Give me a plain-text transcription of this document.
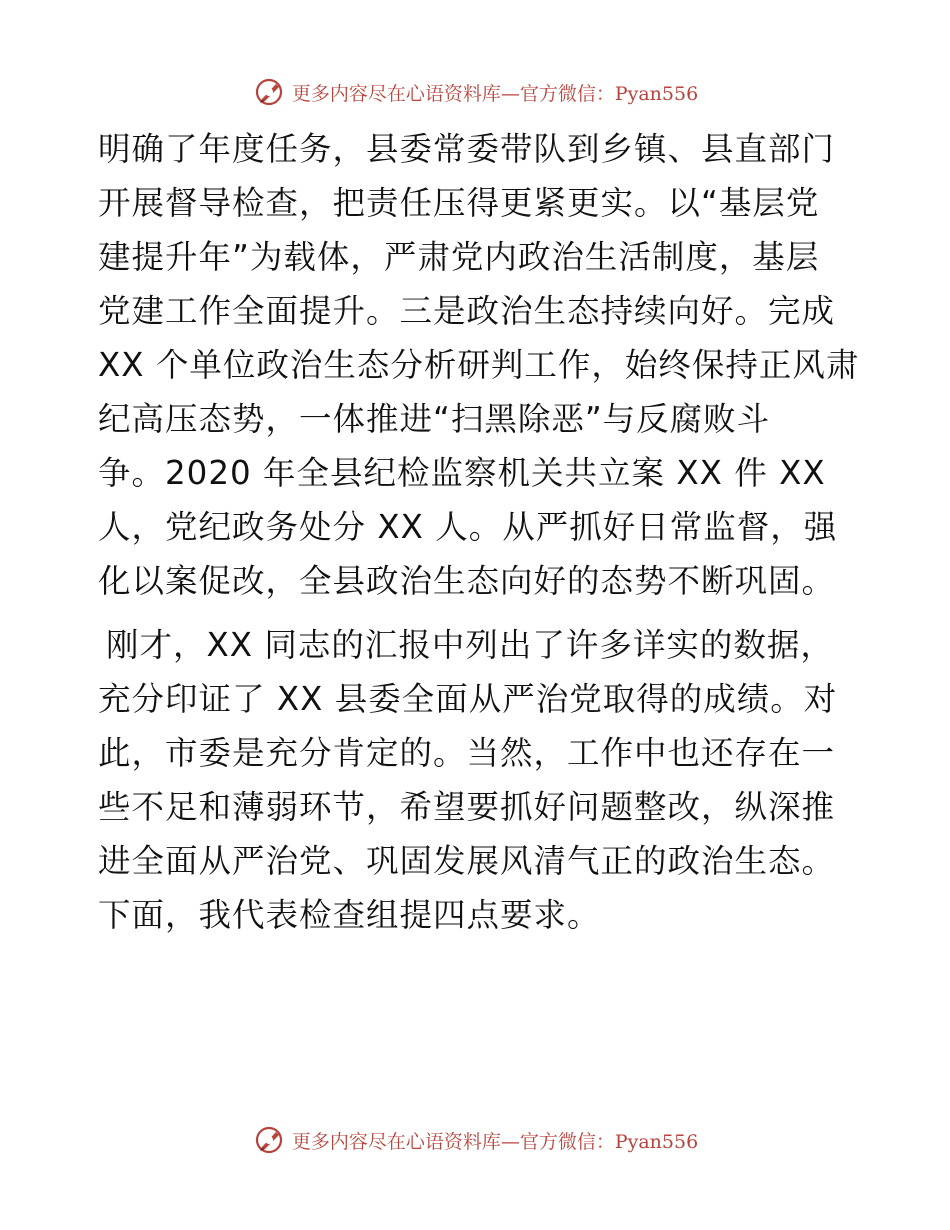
更多内容尽在心语资料库—官方微信：Pyan556
明确了年度任务，县委常委带队到乡镇、县直部门
开展督导检查，把责任压得更紧更实。以“基层党
建提升年”为载体，严肃党内政治生活制度，基层
党建工作全面提升。三是政治生态持续向好。完成
XX 个单位政治生态分析研判工作，始终保持正风肃
纪高压态势，一体推进“扫黑除恶”与反腐败斗
争。2020 年全县纪检监察机关共立案 XX 件 XX
人，党纪政务处分 XX 人。从严抓好日常监督，强
化以案促改，全县政治生态向好的态势不断巩固。
刚才，XX 同志的汇报中列出了许多详实的数据，
充分印证了 XX 县委全面从严治党取得的成绩。对
此，市委是充分肯定的。当然，工作中也还存在一
些不足和薄弱环节，希望要抓好问题整改，纵深推
进全面从严治党、巩固发展风清气正的政治生态。
下面，我代表检查组提四点要求。
更多内容尽在心语资料库—官方微信：Pyan556
